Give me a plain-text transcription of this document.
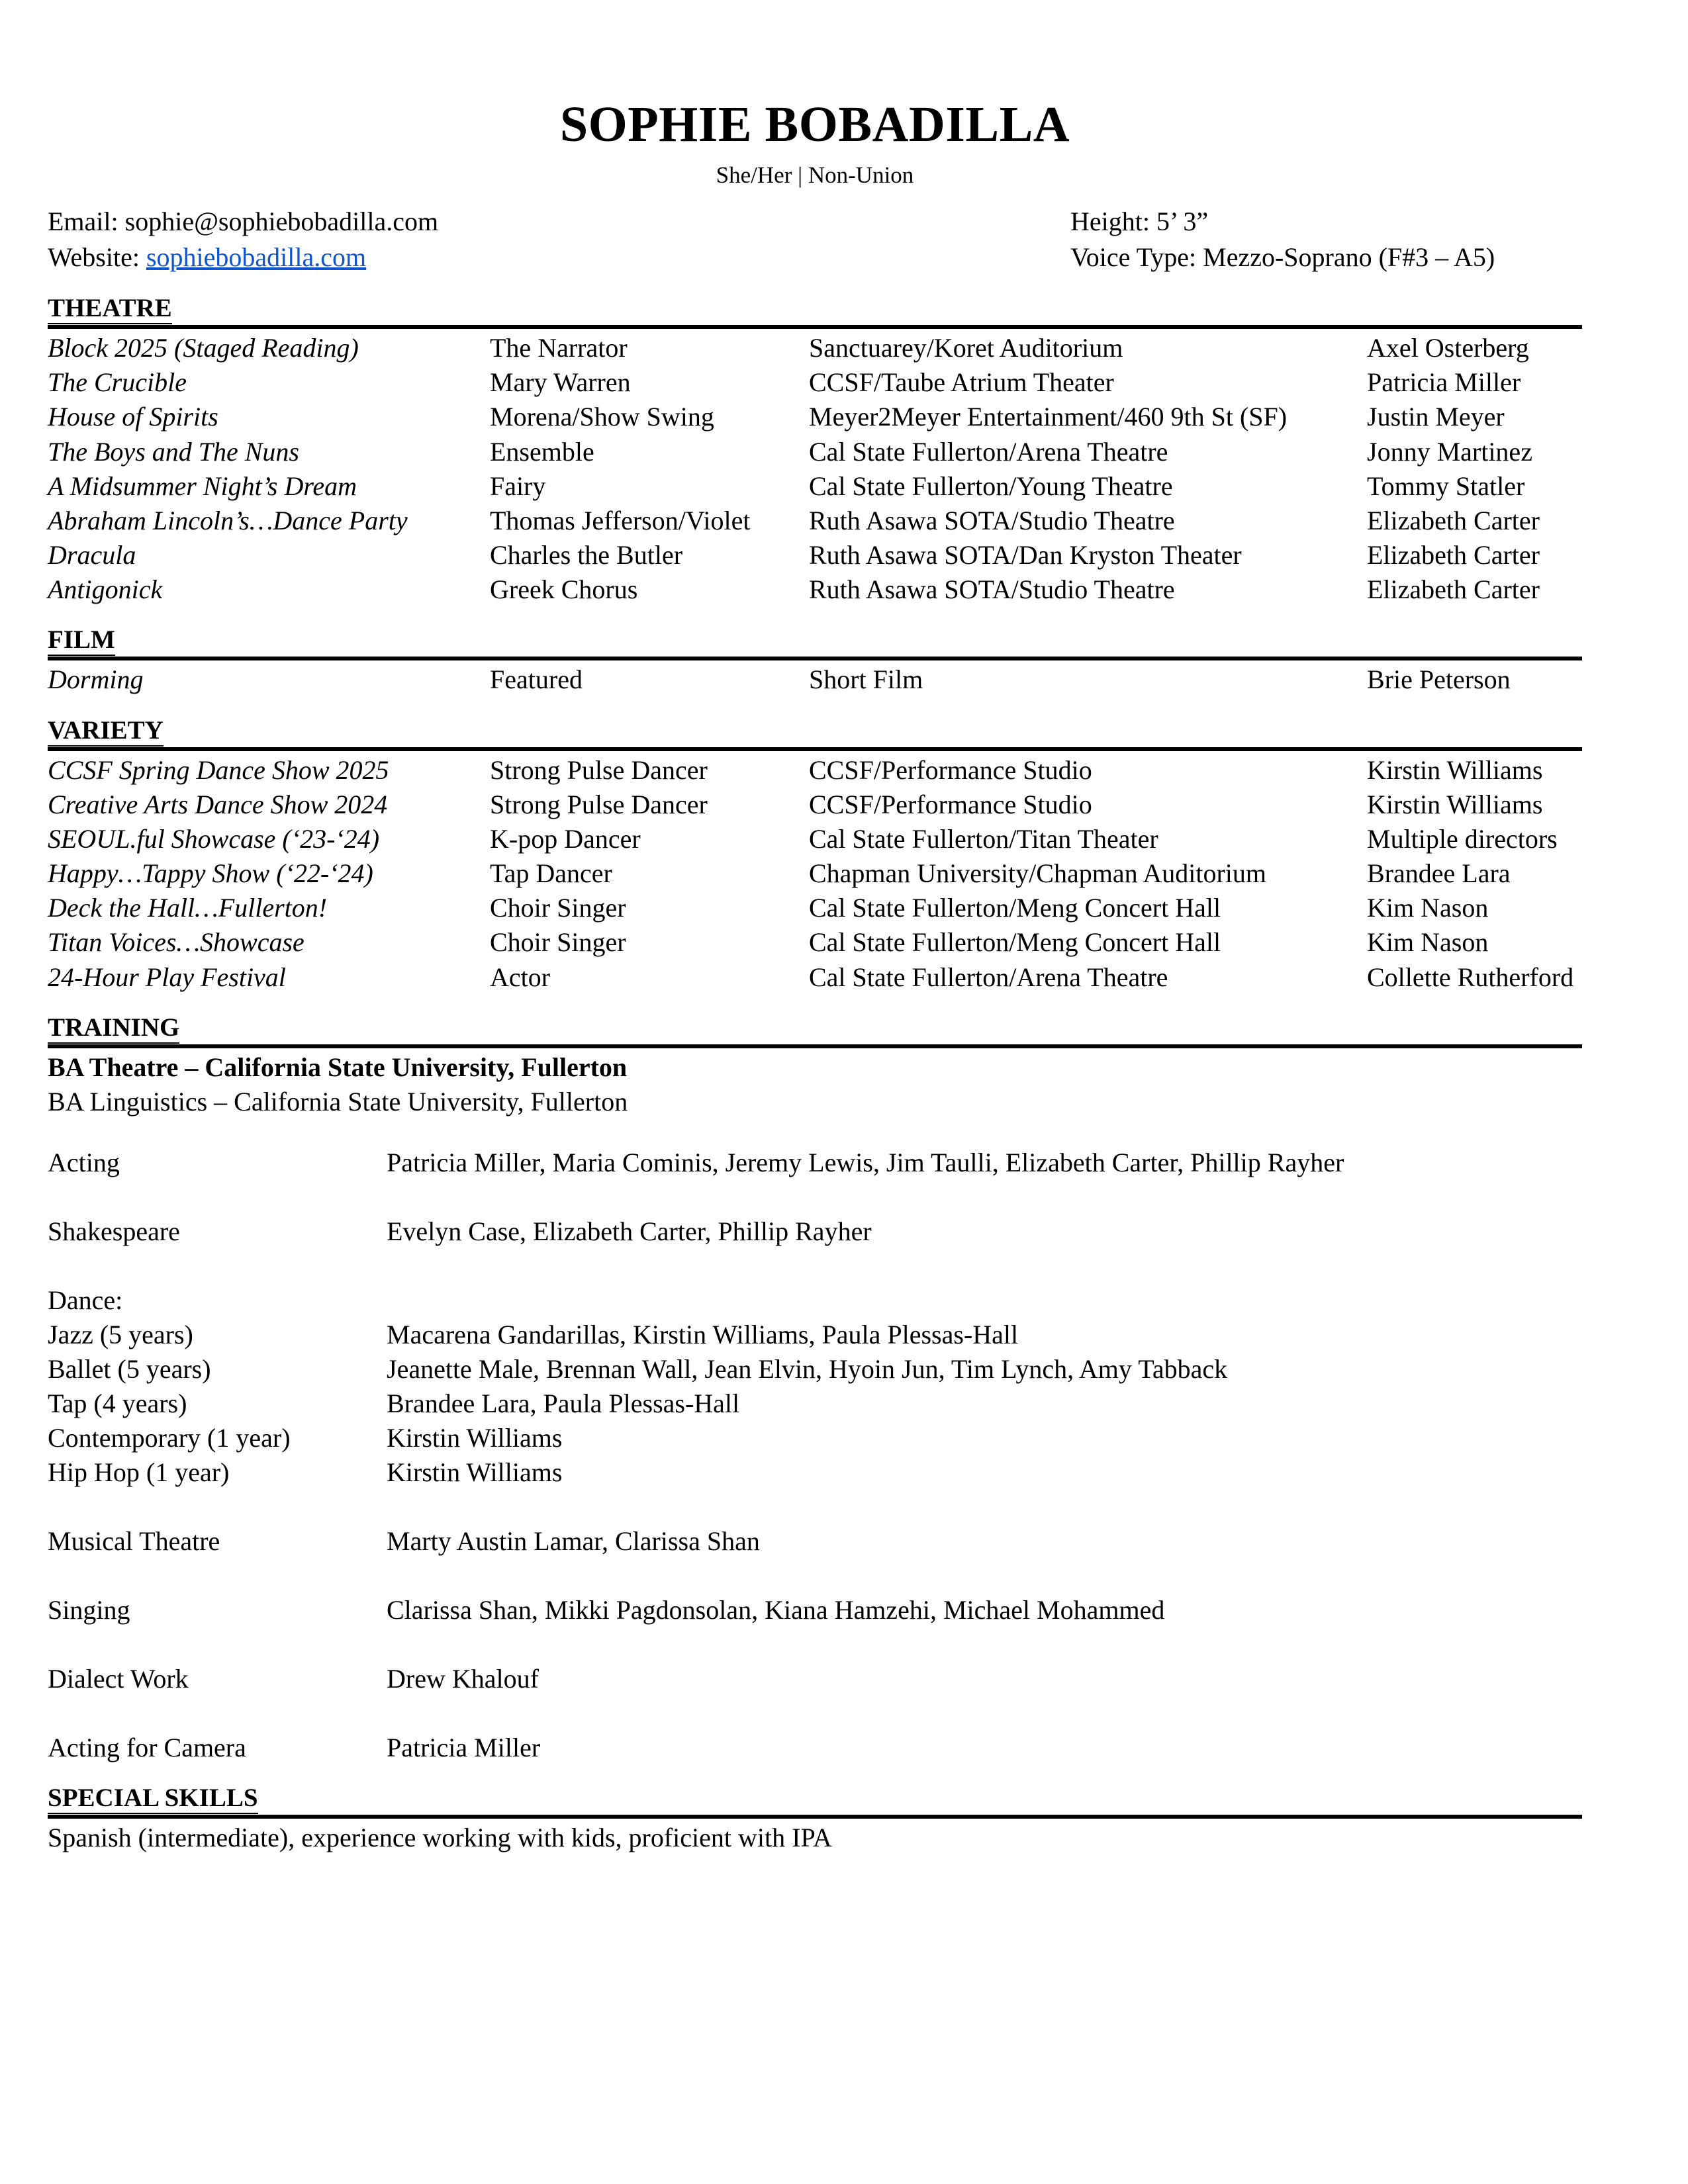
SOPHIE BOBADILLA
She/Her | Non-Union
Email: sophie@sophiebobadilla.com
Website: sophiebobadilla.com
Height: 5’ 3”
Voice Type: Mezzo-Soprano (F#3 – A5)
THEATRE
Block 2025 (Staged Reading)	The Narrator	Sanctuarey/Koret Auditorium	Axel Osterberg
The Crucible	Mary Warren	CCSF/Taube Atrium Theater	Patricia Miller
House of Spirits	Morena/Show Swing	Meyer2Meyer Entertainment/460 9th St (SF)	Justin Meyer
The Boys and The Nuns	Ensemble	Cal State Fullerton/Arena Theatre	Jonny Martinez
A Midsummer Night’s Dream	Fairy	Cal State Fullerton/Young Theatre	Tommy Statler
Abraham Lincoln’s…Dance Party	Thomas Jefferson/Violet	Ruth Asawa SOTA/Studio Theatre	Elizabeth Carter
Dracula	Charles the Butler	Ruth Asawa SOTA/Dan Kryston Theater	Elizabeth Carter
Antigonick	Greek Chorus	Ruth Asawa SOTA/Studio Theatre	Elizabeth Carter
FILM
Dorming	Featured	Short Film	Brie Peterson
VARIETY
CCSF Spring Dance Show 2025	Strong Pulse Dancer	CCSF/Performance Studio	Kirstin Williams
Creative Arts Dance Show 2024	Strong Pulse Dancer	CCSF/Performance Studio	Kirstin Williams
SEOUL.ful Showcase (‘23-‘24)	K-pop Dancer	Cal State Fullerton/Titan Theater	Multiple directors
Happy…Tappy Show (‘22-‘24)	Tap Dancer	Chapman University/Chapman Auditorium	Brandee Lara
Deck the Hall…Fullerton!	Choir Singer	Cal State Fullerton/Meng Concert Hall	Kim Nason
Titan Voices…Showcase	Choir Singer	Cal State Fullerton/Meng Concert Hall	Kim Nason
24-Hour Play Festival	Actor	Cal State Fullerton/Arena Theatre	Collette Rutherford
TRAINING
BA Theatre – California State University, Fullerton
BA Linguistics – California State University, Fullerton
Acting	Patricia Miller, Maria Cominis, Jeremy Lewis, Jim Taulli, Elizabeth Carter, Phillip Rayher

Shakespeare	Evelyn Case, Elizabeth Carter, Phillip Rayher

Dance:	
Jazz (5 years)	Macarena Gandarillas, Kirstin Williams, Paula Plessas-Hall
Ballet (5 years)	Jeanette Male, Brennan Wall, Jean Elvin, Hyoin Jun, Tim Lynch, Amy Tabback
Tap (4 years)	Brandee Lara, Paula Plessas-Hall
Contemporary (1 year)	Kirstin Williams
Hip Hop (1 year)	Kirstin Williams

Musical Theatre	Marty Austin Lamar, Clarissa Shan

Singing	Clarissa Shan, Mikki Pagdonsolan, Kiana Hamzehi, Michael Mohammed

Dialect Work	Drew Khalouf

Acting for Camera	Patricia Miller
SPECIAL SKILLS
Spanish (intermediate), experience working with kids, proficient with IPA
